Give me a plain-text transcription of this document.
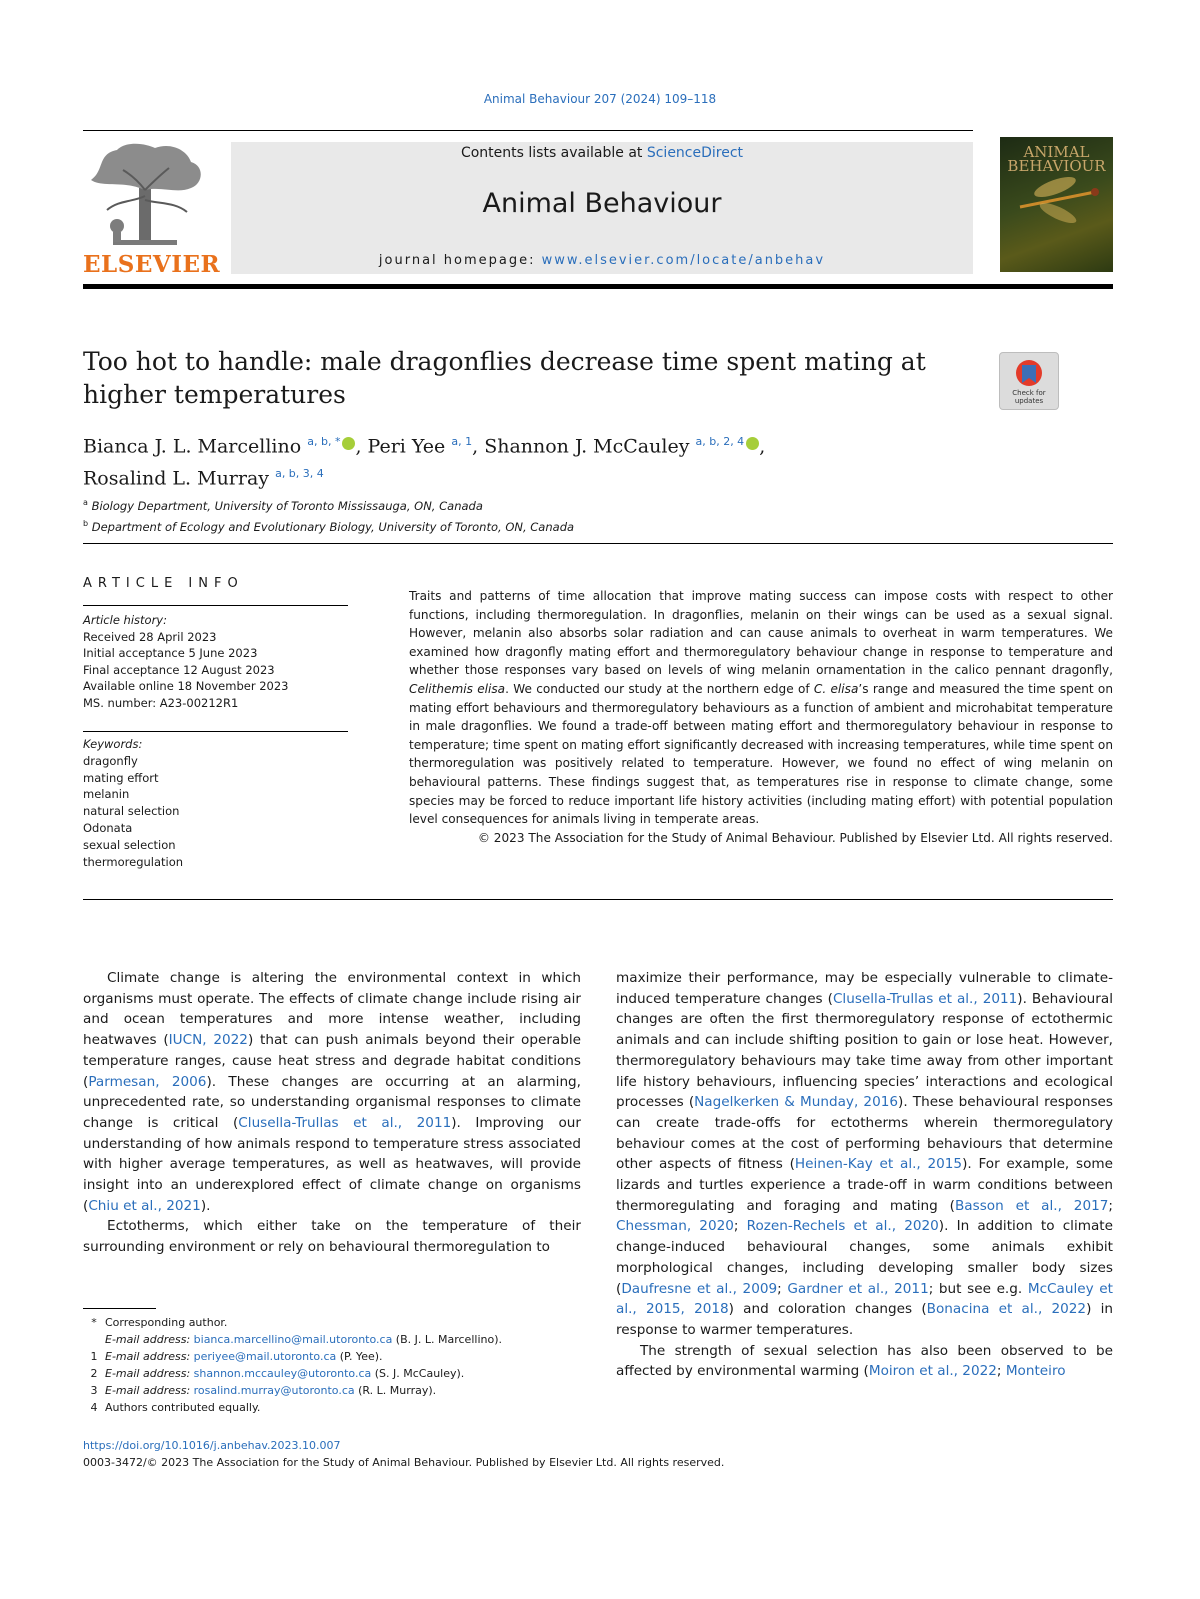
Animal Behaviour 207 (2024) 109–118
ELSEVIER
Contents lists available at ScienceDirect
Animal Behaviour
journal homepage: www.elsevier.com/locate/anbehav
ANIMAL
BEHAVIOUR
Too hot to handle: male dragonflies decrease time spent mating at higher temperatures	Check for updates
Bianca J. L. Marcellino $^{a, b, *}$ , Peri Yee $^{a, 1}$, Shannon J. McCauley $^{a, b, 2, 4}$ ,
Rosalind L. Murray $^{a, b, 3, 4}$
$^a$ Biology Department, University of Toronto Mississauga, ON, Canada
$^b$ Department of Ecology and Evolutionary Biology, University of Toronto, ON, Canada
ARTICLE INFO
Article history:
Received 28 April 2023
Initial acceptance 5 June 2023
Final acceptance 12 August 2023
Available online 18 November 2023
MS. number: A23-00212R1
Keywords:
dragonfly
mating effort
melanin
natural selection
Odonata
sexual selection
thermoregulation
Traits and patterns of time allocation that improve mating success can impose costs with respect to other functions, including thermoregulation. In dragonflies, melanin on their wings can be used as a sexual signal. However, melanin also absorbs solar radiation and can cause animals to overheat in warm temperatures. We examined how dragonfly mating effort and thermoregulatory behaviour change in response to temperature and whether those responses vary based on levels of wing melanin ornamentation in the calico pennant dragonfly, Celithemis elisa. We conducted our study at the northern edge of C. elisa’s range and measured the time spent on mating effort behaviours and thermoregulatory behaviours as a function of ambient and microhabitat temperature in male dragonflies. We found a trade-off between mating effort and thermoregulatory behaviour in response to temperature; time spent on mating effort significantly decreased with increasing temperatures, while time spent on thermoregulation was positively related to temperature. However, we found no effect of wing melanin on behavioural patterns. These findings suggest that, as temperatures rise in response to climate change, some species may be forced to reduce important life history activities (including mating effort) with potential population level consequences for animals living in temperate areas.
© 2023 The Association for the Study of Animal Behaviour. Published by Elsevier Ltd. All rights reserved.

Climate change is altering the environmental context in which organisms must operate. The effects of climate change include rising air and ocean temperatures and more intense weather, including heatwaves (IUCN, 2022) that can push animals beyond their operable temperature ranges, cause heat stress and degrade habitat conditions (Parmesan, 2006). These changes are occurring at an alarming, unprecedented rate, so understanding organismal responses to climate change is critical (Clusella-Trullas et al., 2011). Improving our understanding of how animals respond to temperature stress associated with higher average temperatures, as well as heatwaves, will provide insight into an underexplored effect of climate change on organisms (Chiu et al., 2021).

Ectotherms, which either take on the temperature of their surrounding environment or rely on behavioural thermoregulation to

maximize their performance, may be especially vulnerable to climate-induced temperature changes (Clusella-Trullas et al., 2011). Behavioural changes are often the first thermoregulatory response of ectothermic animals and can include shifting position to gain or lose heat. However, thermoregulatory behaviours may take time away from other important life history behaviours, influencing species’ interactions and ecological processes (Nagelkerken & Munday, 2016). These behavioural responses can create trade-offs for ectotherms wherein thermoregulatory behaviour comes at the cost of performing behaviours that determine other aspects of fitness (Heinen-Kay et al., 2015). For example, some lizards and turtles experience a trade-off in warm conditions between thermoregulating and foraging and mating (Basson et al., 2017; Chessman, 2020; Rozen-Rechels et al., 2020). In addition to climate change-induced behavioural changes, some animals exhibit morphological changes, including developing smaller body sizes (Daufresne et al., 2009; Gardner et al., 2011; but see e.g. McCauley et al., 2015, 2018) and coloration changes (Bonacina et al., 2022) in response to warmer temperatures.

The strength of sexual selection has also been observed to be affected by environmental warming (Moiron et al., 2022; Monteiro

* Corresponding author.
E-mail address: bianca.marcellino@mail.utoronto.ca (B. J. L. Marcellino).
1 E-mail address: periyee@mail.utoronto.ca (P. Yee).
2 E-mail address: shannon.mccauley@utoronto.ca (S. J. McCauley).
3 E-mail address: rosalind.murray@utoronto.ca (R. L. Murray).
4 Authors contributed equally.
https://doi.org/10.1016/j.anbehav.2023.10.007
0003-3472/© 2023 The Association for the Study of Animal Behaviour. Published by Elsevier Ltd. All rights reserved.
